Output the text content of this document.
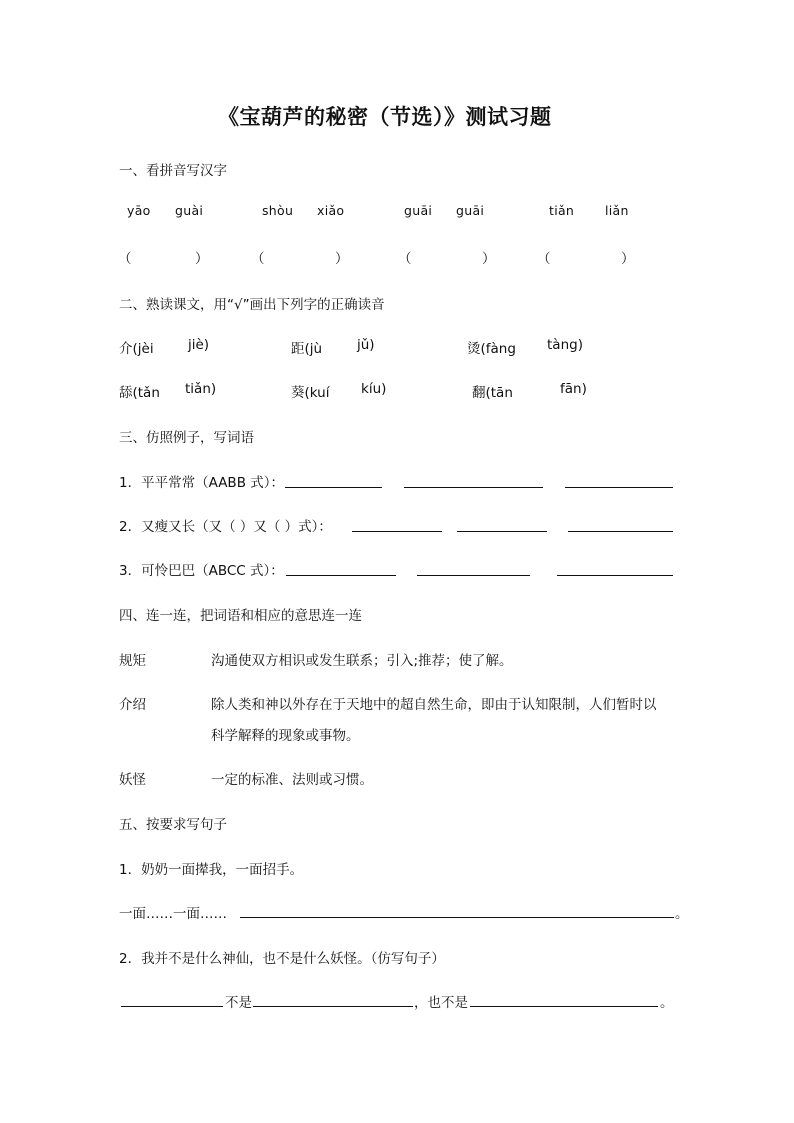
《宝葫芦的秘密（节选）》测试习题
一、看拼音写汉字
yāo guài	shòu xiǎo	guāi guāi	tiǎn liǎn
（	）	（	）	（	）	（	）
二、熟读课文，用“√”画出下列字的正确读音
介(jèi	jiè)	距(jù	jǔ)	烫(fàng tàng)
舔(tǎn tiǎn)	葵(kuí kíu)	翻(tān	fān)
三、仿照例子，写词语
1．平平常常（AABB 式）：
2．又瘦又长（又（ ）又（ ）式）：
3．可怜巴巴（ABCC 式）：
四、连一连，把词语和相应的意思连一连
规矩	沟通使双方相识或发生联系；引入;推荐；使了解。
介绍	除人类和神以外存在于天地中的超自然生命，即由于认知限制，人们暂时以
科学解释的现象或事物。
妖怪	一定的标准、法则或习惯。
五、按要求写句子
1．奶奶一面撵我，一面招手。
一面……一面……	。
2．我并不是什么神仙，也不是什么妖怪。（仿写句子）
不是	，也不是	。
